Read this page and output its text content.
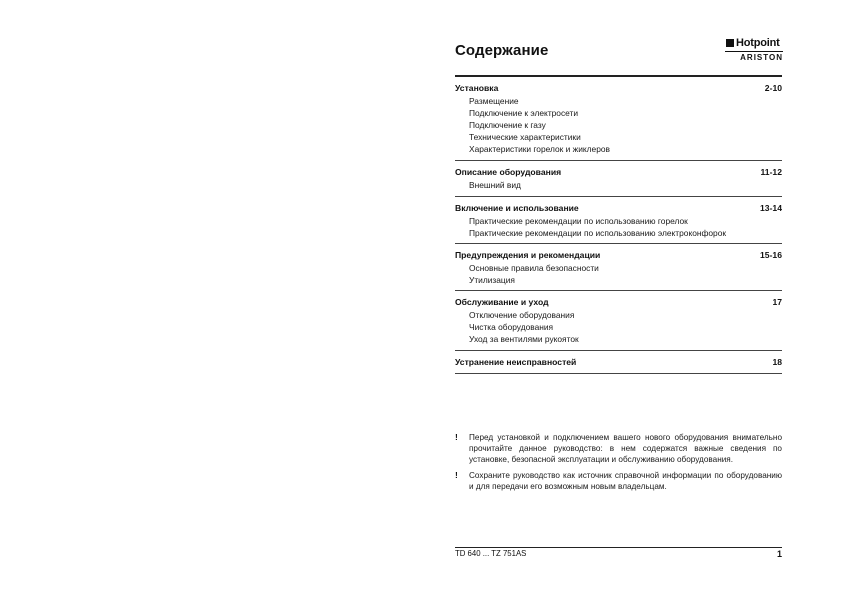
Содержание	Hotpoint
ARISTON
Установка	2-10
Размещение
Подключение к электросети
Подключение к газу
Технические характеристики
Характеристики горелок и жиклеров
Описание оборудования	11-12
Внешний вид
Включение и использование	13-14
Практические рекомендации по использованию горелок
Практические рекомендации по использованию электроконфорок
Предупреждения и рекомендации	15-16
Основные правила безопасности
Утилизация
Обслуживание и уход	17
Отключение оборудования
Чистка оборудования
Уход за вентилями рукояток
Устранение неисправностей	18
!	Перед установкой и подключением вашего нового оборудования внимательно прочитайте данное руководство: в нем содержатся важные сведения по установке, безопасной эксплуатации и обслуживанию оборудования.
!	Сохраните руководство как источник справочной информации по оборудованию и для передачи его возможным новым владельцам.
TD 640 ... TZ 751AS	1
